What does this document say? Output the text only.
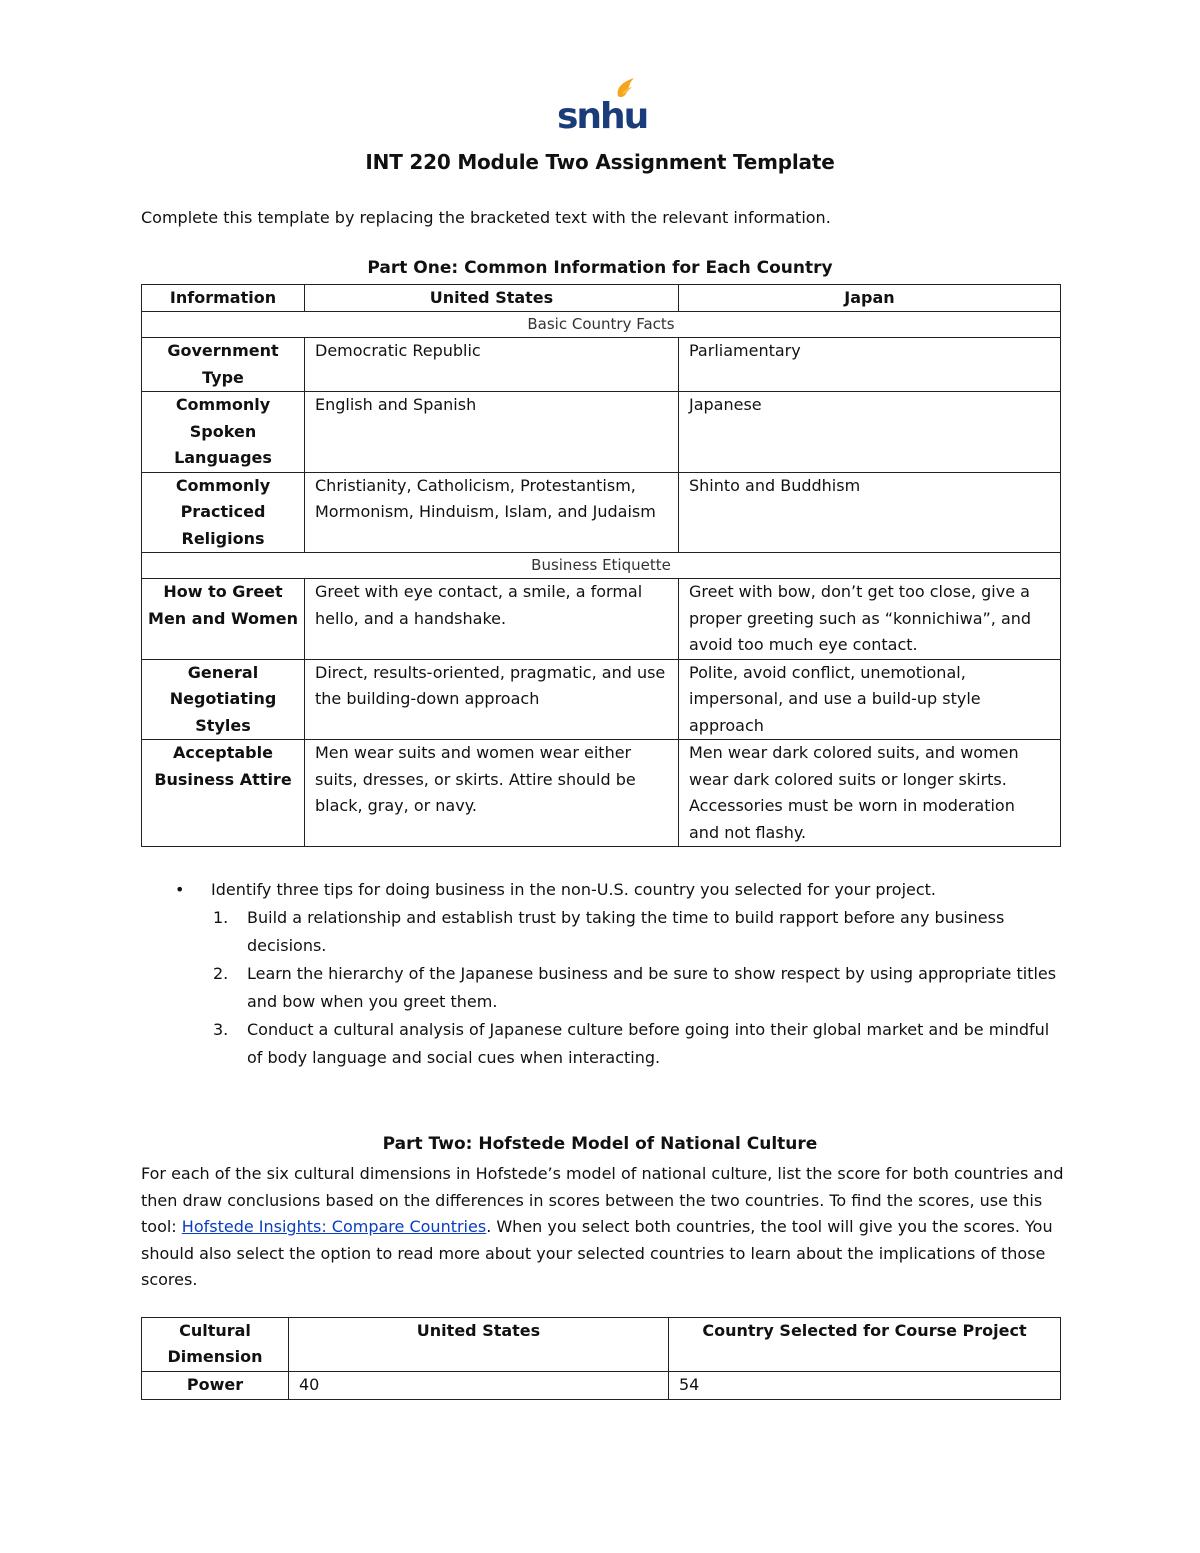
snhu
INT 220 Module Two Assignment Template
Complete this template by replacing the bracketed text with the relevant information.
Part One: Common Information for Each Country
Information	United States	Japan
Basic Country Facts		
Government Type	Democratic Republic	Parliamentary
Commonly Spoken Languages	English and Spanish	Japanese
Commonly Practiced Religions	Christianity, Catholicism, Protestantism, Mormonism, Hinduism, Islam, and Judaism	Shinto and Buddhism
Business Etiquette		
How to Greet Men and Women	Greet with eye contact, a smile, a formal hello, and a handshake.	Greet with bow, don’t get too close, give a proper greeting such as “konnichiwa”, and avoid too much eye contact.
General Negotiating Styles	Direct, results-oriented, pragmatic, and use the building-down approach	Polite, avoid conflict, unemotional, impersonal, and use a build-up style approach
Acceptable Business Attire	Men wear suits and women wear either suits, dresses, or skirts. Attire should be black, gray, or navy.	Men wear dark colored suits, and women wear dark colored suits or longer skirts. Accessories must be worn in moderation and not flashy.
• Identify three tips for doing business in the non-U.S. country you selected for your project.
1. Build a relationship and establish trust by taking the time to build rapport before any business decisions.
2. Learn the hierarchy of the Japanese business and be sure to show respect by using appropriate titles and bow when you greet them.
3. Conduct a cultural analysis of Japanese culture before going into their global market and be mindful of body language and social cues when interacting.
Part Two: Hofstede Model of National Culture
For each of the six cultural dimensions in Hofstede’s model of national culture, list the score for both countries and then draw conclusions based on the differences in scores between the two countries. To find the scores, use this tool: Hofstede Insights: Compare Countries. When you select both countries, the tool will give you the scores. You should also select the option to read more about your selected countries to learn about the implications of those scores.
Cultural Dimension	United States	Country Selected for Course Project
Power	40	54
